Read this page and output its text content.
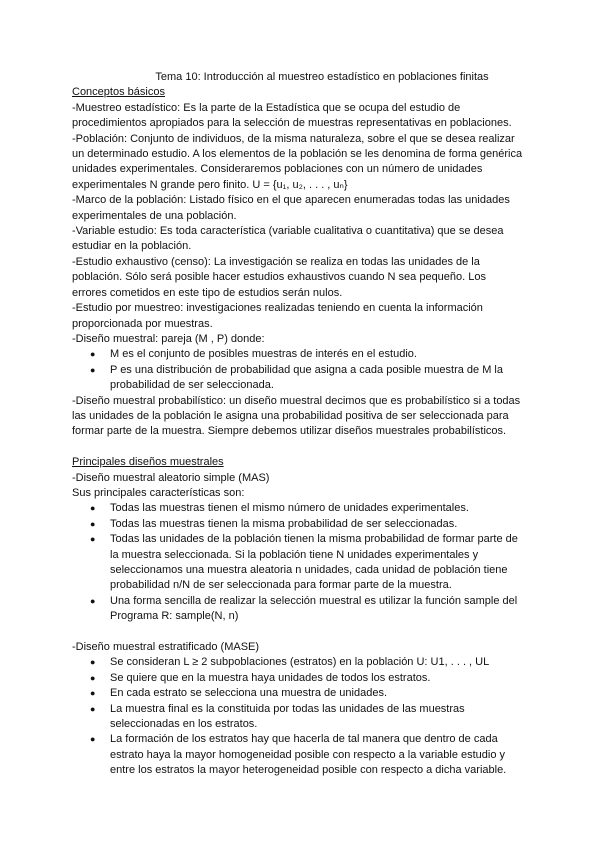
Tema 10: Introducción al muestreo estadístico en poblaciones finitas

Conceptos básicos

-Muestreo estadístico: Es la parte de la Estadística que se ocupa del estudio de

procedimientos apropiados para la selección de muestras representativas en poblaciones.

-Población: Conjunto de individuos, de la misma naturaleza, sobre el que se desea realizar

un determinado estudio. A los elementos de la población se les denomina de forma genérica

unidades experimentales. Consideraremos poblaciones con un número de unidades

experimentales N grande pero finito. U = {u₁, u₂, . . . , uₙ}

-Marco de la población: Listado físico en el que aparecen enumeradas todas las unidades

experimentales de una población.

-Variable estudio: Es toda característica (variable cualitativa o cuantitativa) que se desea

estudiar en la población.

-Estudio exhaustivo (censo): La investigación se realiza en todas las unidades de la

población. Sólo será posible hacer estudios exhaustivos cuando N sea pequeño. Los

errores cometidos en este tipo de estudios serán nulos.

-Estudio por muestreo: investigaciones realizadas teniendo en cuenta la información

proporcionada por muestras.

-Diseño muestral: pareja (M , P) donde:

● M es el conjunto de posibles muestras de interés en el estudio.

● P es una distribución de probabilidad que asigna a cada posible muestra de M la

probabilidad de ser seleccionada.

-Diseño muestral probabilístico: un diseño muestral decimos que es probabilístico si a todas

las unidades de la población le asigna una probabilidad positiva de ser seleccionada para

formar parte de la muestra. Siempre debemos utilizar diseños muestrales probabilísticos.

Principales diseños muestrales

-Diseño muestral aleatorio simple (MAS)

Sus principales características son:

● Todas las muestras tienen el mismo número de unidades experimentales.

● Todas las muestras tienen la misma probabilidad de ser seleccionadas.

● Todas las unidades de la población tienen la misma probabilidad de formar parte de

la muestra seleccionada. Si la población tiene N unidades experimentales y

seleccionamos una muestra aleatoria n unidades, cada unidad de población tiene

probabilidad n/N de ser seleccionada para formar parte de la muestra.

● Una forma sencilla de realizar la selección muestral es utilizar la función sample del

Programa R: sample(N, n)

-Diseño muestral estratificado (MASE)

● Se consideran L ≥ 2 subpoblaciones (estratos) en la población U: U1, . . . , UL

● Se quiere que en la muestra haya unidades de todos los estratos.

● En cada estrato se selecciona una muestra de unidades.

● La muestra final es la constituida por todas las unidades de las muestras

seleccionadas en los estratos.

● La formación de los estratos hay que hacerla de tal manera que dentro de cada

estrato haya la mayor homogeneidad posible con respecto a la variable estudio y

entre los estratos la mayor heterogeneidad posible con respecto a dicha variable.
